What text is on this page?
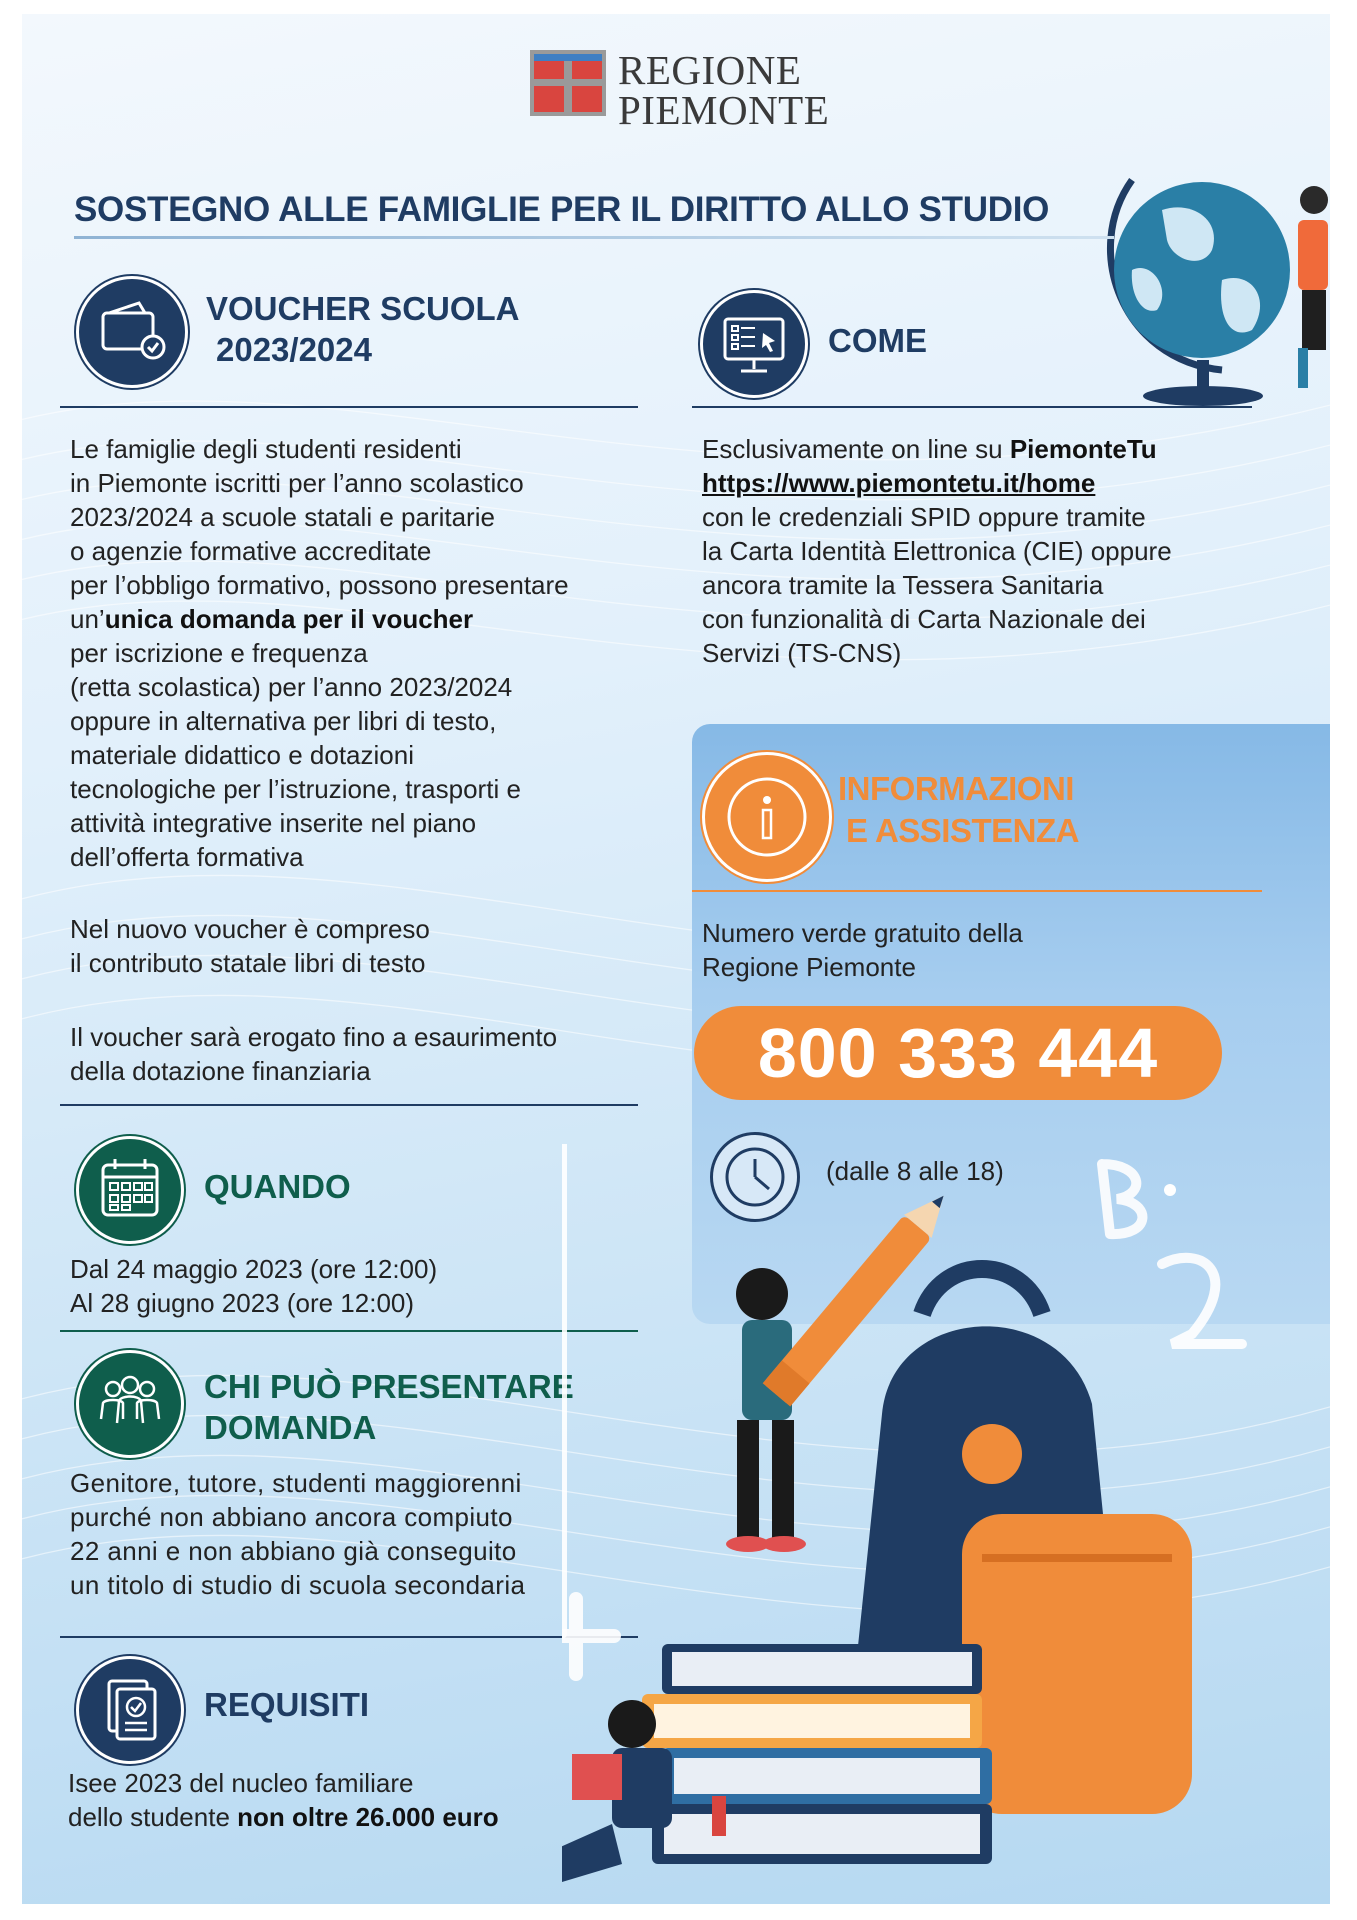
REGIONE
PIEMONTE
SOSTEGNO ALLE FAMIGLIE PER IL DIRITTO ALLO STUDIO
VOUCHER SCUOLA
2023/2024
Le famiglie degli studenti residenti
in Piemonte iscritti per l’anno scolastico
2023/2024 a scuole statali e paritarie
o agenzie formative accreditate
per l’obbligo formativo, possono presentare
un’unica domanda per il voucher
per iscrizione e frequenza
(retta scolastica) per l’anno 2023/2024
oppure in alternativa per libri di testo,
materiale didattico e dotazioni
tecnologiche per l’istruzione, trasporti e
attività integrative inserite nel piano
dell’offerta formativa
Nel nuovo voucher è compreso
il contributo statale libri di testo
Il voucher sarà erogato fino a esaurimento
della dotazione finanziaria
QUANDO
Dal 24 maggio 2023 (ore 12:00)
Al 28 giugno 2023 (ore 12:00)
CHI PUÒ PRESENTARE
DOMANDA
Genitore, tutore, studenti maggiorenni
purché non abbiano ancora compiuto
22 anni e non abbiano già conseguito
un titolo di studio di scuola secondaria
REQUISITI
Isee 2023 del nucleo familiare
dello studente non oltre 26.000 euro
COME
Esclusivamente on line su PiemonteTu
https://www.piemontetu.it/home
con le credenziali SPID oppure tramite
la Carta Identità Elettronica (CIE) oppure
ancora tramite la Tessera Sanitaria
con funzionalità di Carta Nazionale dei
Servizi (TS-CNS)
INFORMAZIONI
E ASSISTENZA
Numero verde gratuito della
Regione Piemonte
800 333 444
(dalle 8 alle 18)
